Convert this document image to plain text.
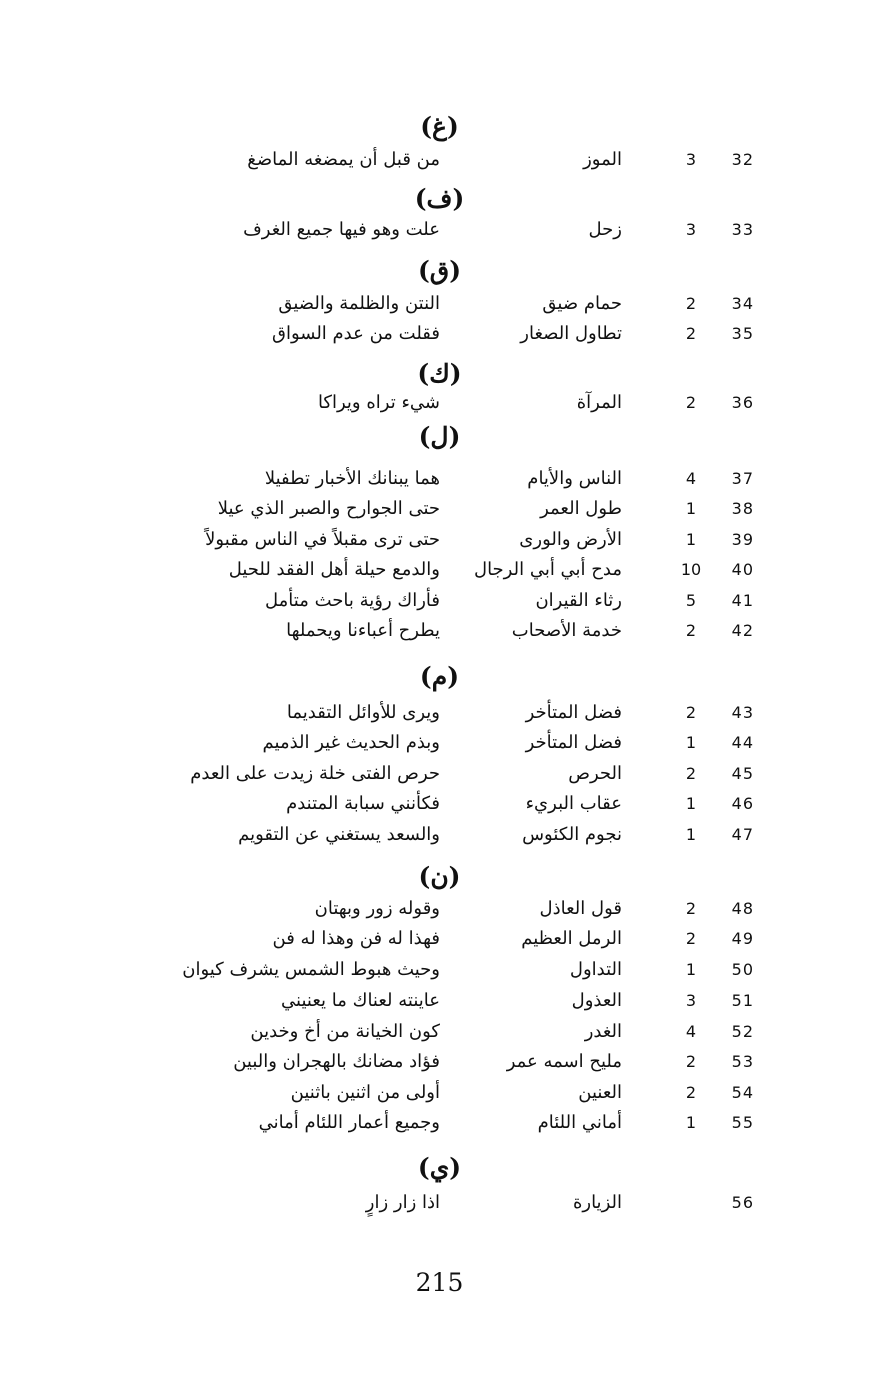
(غ)
32
3
الموز
من قبل أن يمضغه الماضغ
(ف)
33
3
زحل
علت وهو فيها جميع الغرف
(ق)
34
2
حمام ضيق
النتن والظلمة والضيق
35
2
تطاول الصغار
فقلت من عدم السواق
(ك)
36
2
المرآة
شيء تراه ويراكا
(ل)
37
4
الناس والأيام
هما يبنانك الأخبار تطفيلا
38
1
طول العمر
حتى الجوارح والصبر الذي عيلا
39
1
الأرض والورى
حتى ترى مقبلاً في الناس مقبولاً
40
10
مدح أبي أبي الرجال
والدمع حيلة أهل الفقد للحيل
41
5
رثاء القيران
فأراك رؤية باحث متأمل
42
2
خدمة الأصحاب
يطرح أعباءنا ويحملها
(م)
43
2
فضل المتأخر
ويرى للأوائل التقديما
44
1
فضل المتأخر
وبذم الحديث غير الذميم
45
2
الحرص
حرص الفتى خلة زيدت على العدم
46
1
عقاب البريء
فكأنني سبابة المتندم
47
1
نجوم الكئوس
والسعد يستغني عن التقويم
(ن)
48
2
قول العاذل
وقوله زور وبهتان
49
2
الرمل العظيم
فهذا له فن وهذا له فن
50
1
التداول
وحيث هبوط الشمس يشرف كيوان
51
3
العذول
عاينته لعناك ما يعنيني
52
4
الغدر
كون الخيانة من أخ وخدين
53
2
مليح اسمه عمر
فؤاد مضانك بالهجران والبين
54
2
العنين
أولى من اثنين باثنين
55
1
أماني اللئام
وجميع أعمار اللئام أماني
(ي)
56
الزيارة
اذا زار زارٍ
215
